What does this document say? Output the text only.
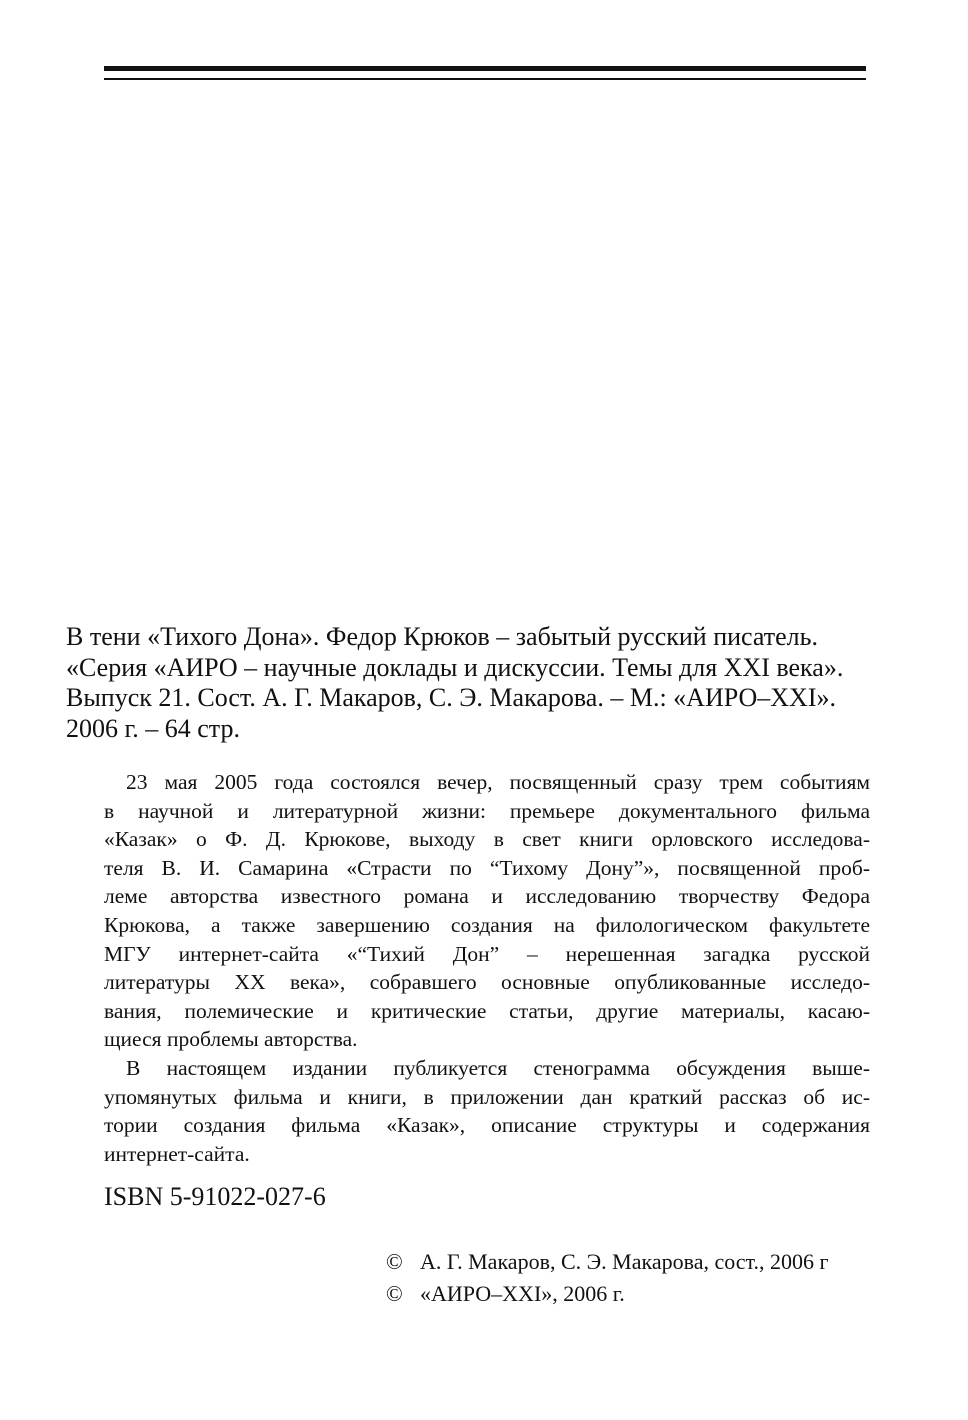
В тени «Тихого Дона». Федор Крюков – забытый русский писатель.
«Серия «АИРО – научные доклады и дискуссии. Темы для XXI века».
Выпуск 21. Сост. А. Г. Макаров, С. Э. Макарова. – М.: «АИРО–XXI».
2006 г. – 64 стр.
23 мая 2005 года состоялся вечер, посвященный сразу трем событиям
в научной и литературной жизни: премьере документального фильма
«Казак» о Ф. Д. Крюкове, выходу в свет книги орловского исследова-
теля В. И. Самарина «Страсти по “Тихому Дону”», посвященной проб-
леме авторства известного романа и исследованию творчеству Федора
Крюкова, а также завершению создания на филологическом факультете
МГУ интернет-сайта «“Тихий Дон” – нерешенная загадка русской
литературы XX века», собравшего основные опубликованные исследо-
вания, полемические и критические статьи, другие материалы, касаю-
щиеся проблемы авторства.
В настоящем издании публикуется стенограмма обсуждения выше-
упомянутых фильма и книги, в приложении дан краткий рассказ об ис-
тории создания фильма «Казак», описание структуры и содержания
интернет-сайта.
ISBN 5-91022-027-6
© А. Г. Макаров, С. Э. Макарова, сост., 2006 г
© «АИРО–XXI», 2006 г.
